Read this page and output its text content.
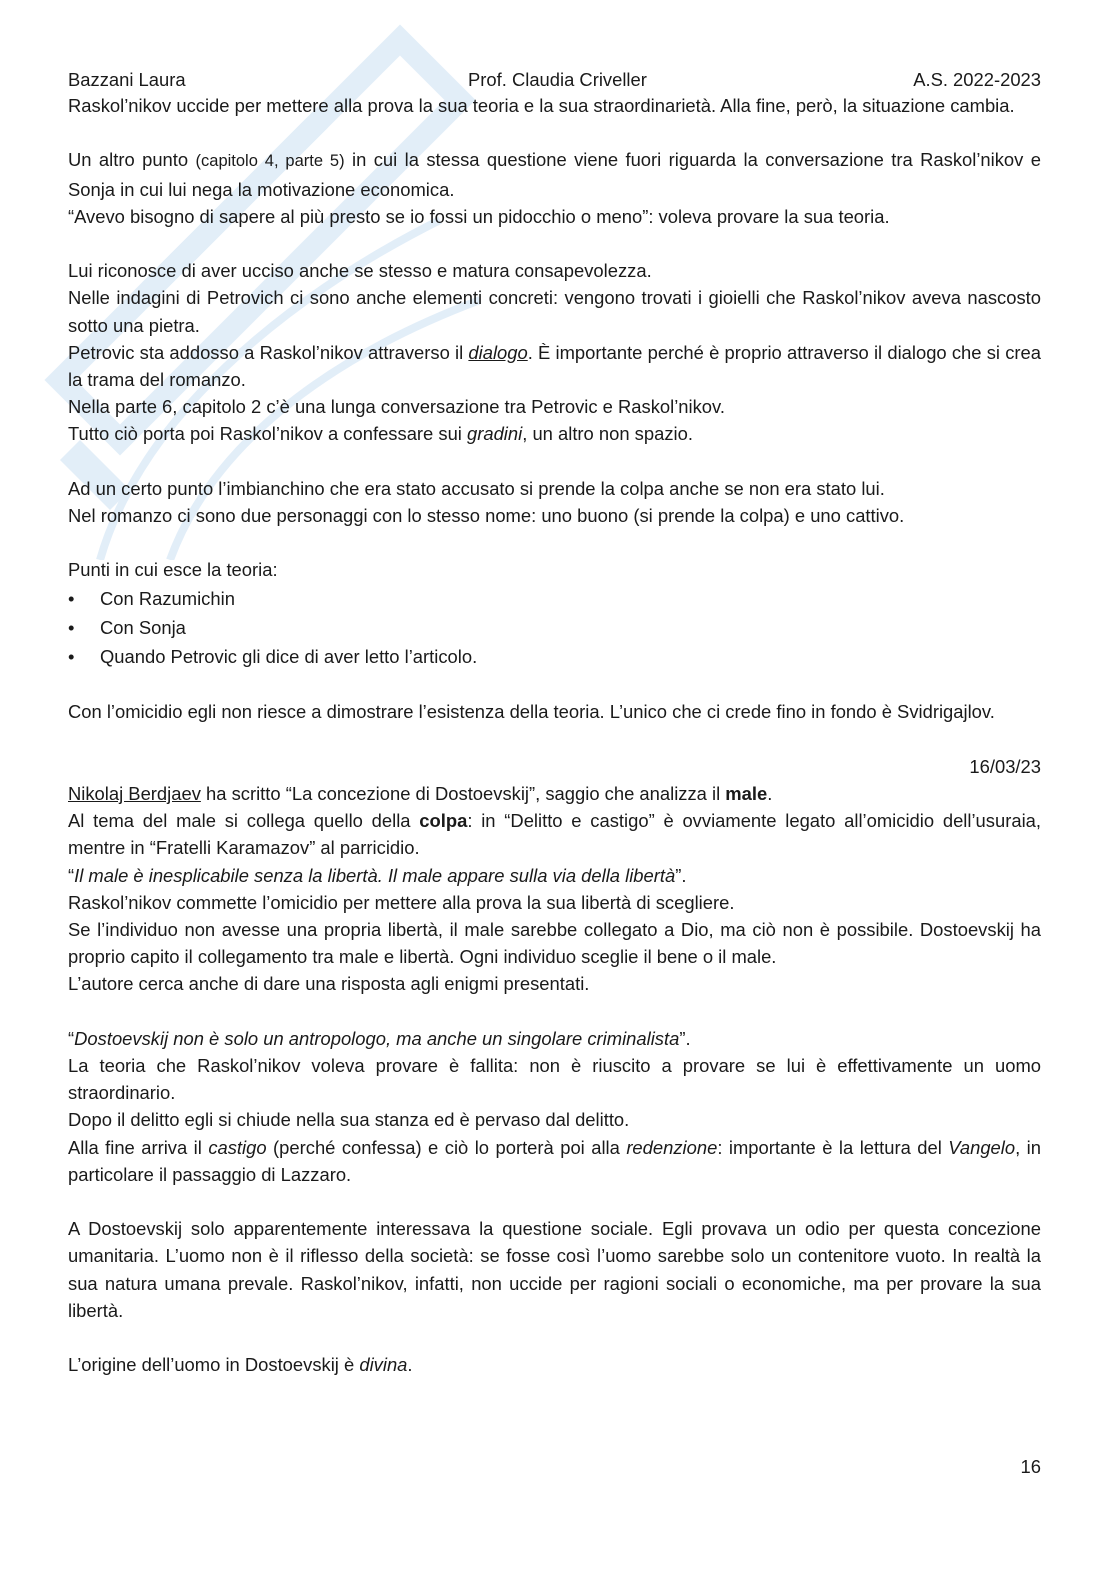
Bazzani Laura	Prof. Claudia Criveller	A.S. 2022-2023

Raskol’nikov uccide per mettere alla prova la sua teoria e la sua straordinarietà. Alla fine, però, la situazione cambia.

Un altro punto (capitolo 4, parte 5) in cui la stessa questione viene fuori riguarda la conversazione tra Raskol’nikov e Sonja in cui lui nega la motivazione economica.

“Avevo bisogno di sapere al più presto se io fossi un pidocchio o meno”: voleva provare la sua teoria.

Lui riconosce di aver ucciso anche se stesso e matura consapevolezza.

Nelle indagini di Petrovich ci sono anche elementi concreti: vengono trovati i gioielli che Raskol’nikov aveva nascosto sotto una pietra.

Petrovic sta addosso a Raskol’nikov attraverso il dialogo. È importante perché è proprio attraverso il dialogo che si crea la trama del romanzo.

Nella parte 6, capitolo 2 c’è una lunga conversazione tra Petrovic e Raskol’nikov.

Tutto ciò porta poi Raskol’nikov a confessare sui gradini, un altro non spazio.

Ad un certo punto l’imbianchino che era stato accusato si prende la colpa anche se non era stato lui.

Nel romanzo ci sono due personaggi con lo stesso nome: uno buono (si prende la colpa) e uno cattivo.

Punti in cui esce la teoria:

•
Con Razumichin
•
Con Sonja
•
Quando Petrovic gli dice di aver letto l’articolo.

Con l’omicidio egli non riesce a dimostrare l’esistenza della teoria. L’unico che ci crede fino in fondo è Svidrigajlov.

16/03/23

Nikolaj Berdjaev ha scritto “La concezione di Dostoevskij”, saggio che analizza il male.

Al tema del male si collega quello della colpa: in “Delitto e castigo” è ovviamente legato all’omicidio dell’usuraia, mentre in “Fratelli Karamazov” al parricidio.

“Il male è inesplicabile senza la libertà. Il male appare sulla via della libertà”.

Raskol’nikov commette l’omicidio per mettere alla prova la sua libertà di scegliere.

Se l’individuo non avesse una propria libertà, il male sarebbe collegato a Dio, ma ciò non è possibile. Dostoevskij ha proprio capito il collegamento tra male e libertà. Ogni individuo sceglie il bene o il male.

L’autore cerca anche di dare una risposta agli enigmi presentati.

“Dostoevskij non è solo un antropologo, ma anche un singolare criminalista”.

La teoria che Raskol’nikov voleva provare è fallita: non è riuscito a provare se lui è effettivamente un uomo straordinario.

Dopo il delitto egli si chiude nella sua stanza ed è pervaso dal delitto.

Alla fine arriva il castigo (perché confessa) e ciò lo porterà poi alla redenzione: importante è la lettura del Vangelo, in particolare il passaggio di Lazzaro.

A Dostoevskij solo apparentemente interessava la questione sociale. Egli provava un odio per questa concezione umanitaria. L’uomo non è il riflesso della società: se fosse così l’uomo sarebbe solo un contenitore vuoto. In realtà la sua natura umana prevale. Raskol’nikov, infatti, non uccide per ragioni sociali o economiche, ma per provare la sua libertà.

L’origine dell’uomo in Dostoevskij è divina.

16
